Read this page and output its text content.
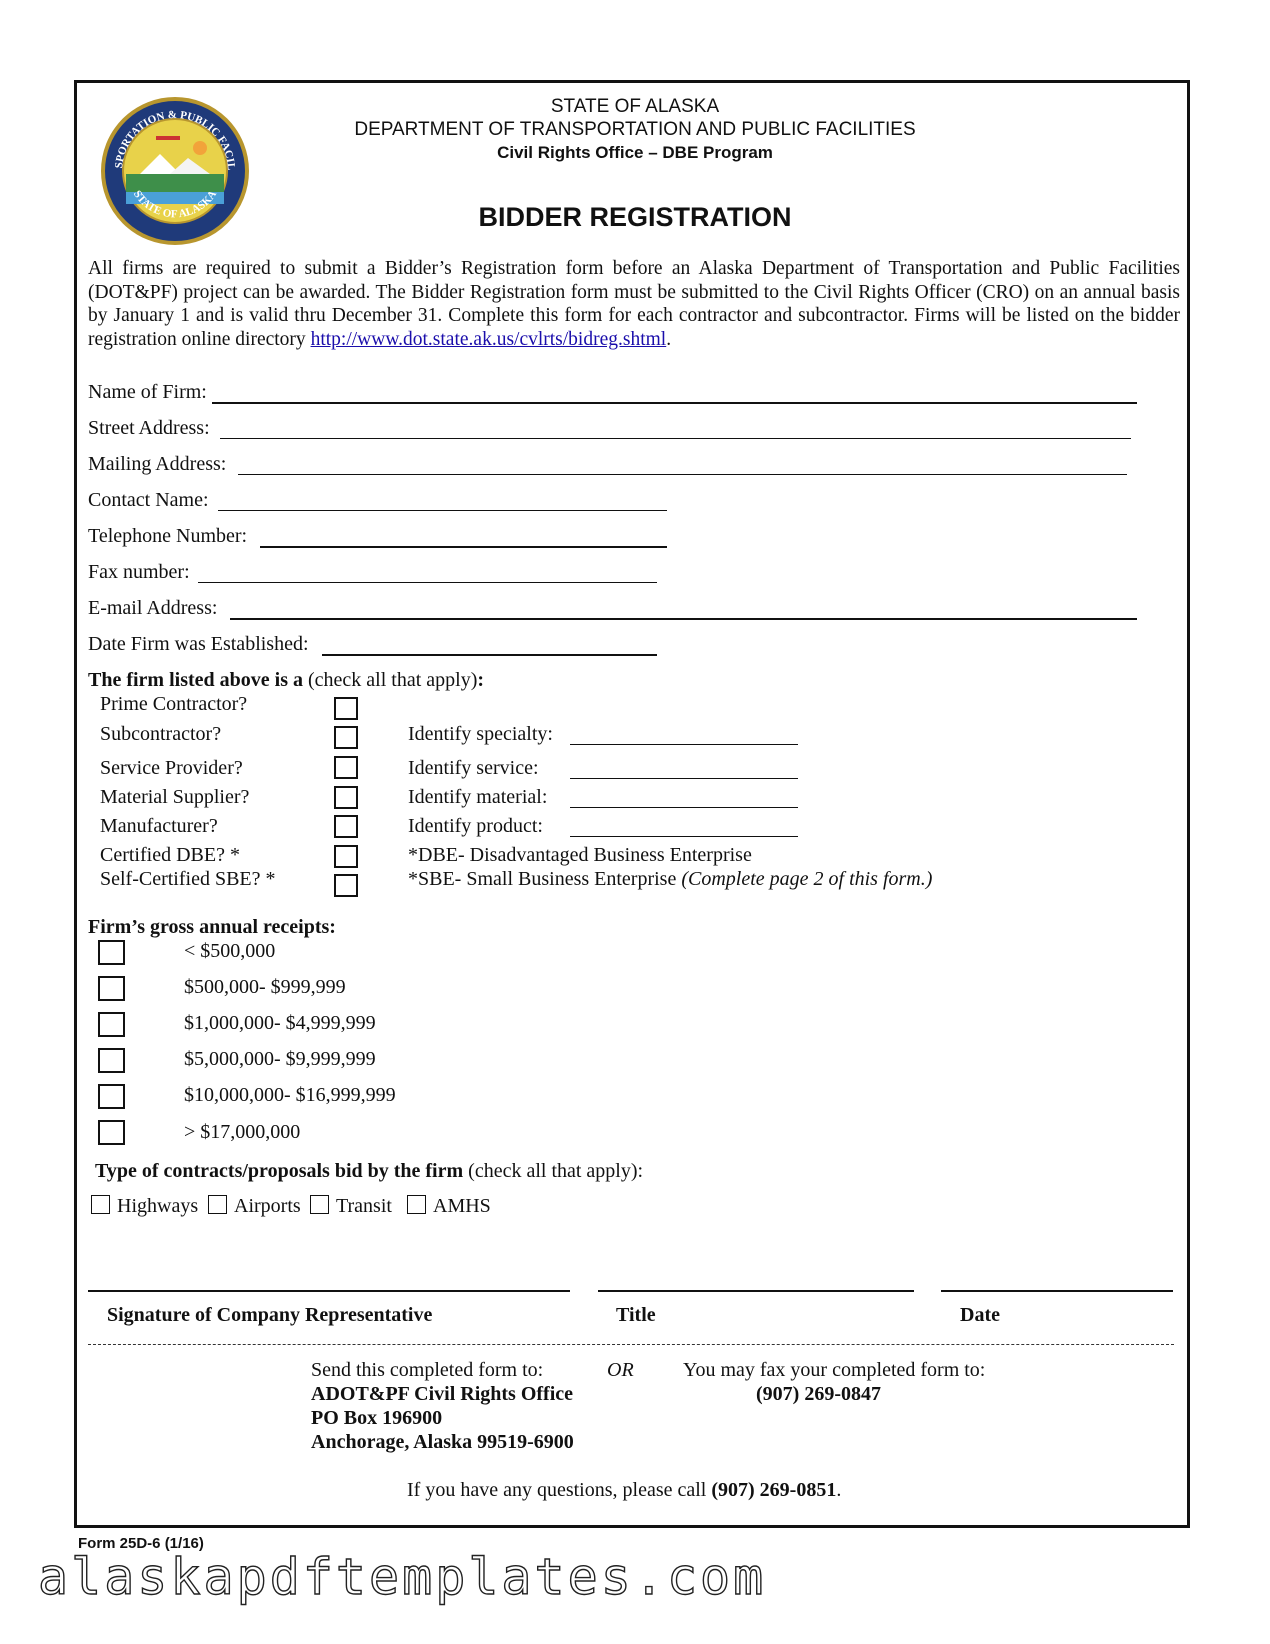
SPORTATION & PUBLIC FACIL
STATE OF ALASKA
STATE OF ALASKA
DEPARTMENT OF TRANSPORTATION AND PUBLIC FACILITIES
Civil Rights Office – DBE Program
BIDDER REGISTRATION
All firms are required to submit a Bidder’s Registration form before an Alaska Department of Transportation and Public Facilities (DOT&PF) project can be awarded. The Bidder Registration form must be submitted to the Civil Rights Officer (CRO) on an annual basis by January 1 and is valid thru December 31. Complete this form for each contractor and subcontractor. Firms will be listed on the bidder registration online directory http://www.dot.state.ak.us/cvlrts/bidreg.shtml.
Name of Firm:
Street Address:
Mailing Address:
Contact Name:
Telephone Number:
Fax number:
E-mail Address:
Date Firm was Established:
The firm listed above is a (check all that apply):
Prime Contractor?
Subcontractor?	Identify specialty:
Service Provider?	Identify service:
Material Supplier?	Identify material:
Manufacturer?	Identify product:
Certified DBE? *	*DBE- Disadvantaged Business Enterprise
Self-Certified SBE? *	*SBE- Small Business Enterprise (Complete page 2 of this form.)
Firm’s gross annual receipts:
< $500,000
$500,000- $999,999
$1,000,000- $4,999,999
$5,000,000- $9,999,999
$10,000,000- $16,999,999
> $17,000,000
Type of contracts/proposals bid by the firm (check all that apply):
Highways Airports Transit AMHS
Signature of Company Representative	Title	Date
Send this completed form to:	OR You may fax your completed form to:
ADOT&PF Civil Rights Office	(907) 269-0847
PO Box 196900
Anchorage, Alaska 99519-6900
If you have any questions, please call (907) 269-0851.
Form 25D-6 (1/16)
alaskapdftemplates.com
